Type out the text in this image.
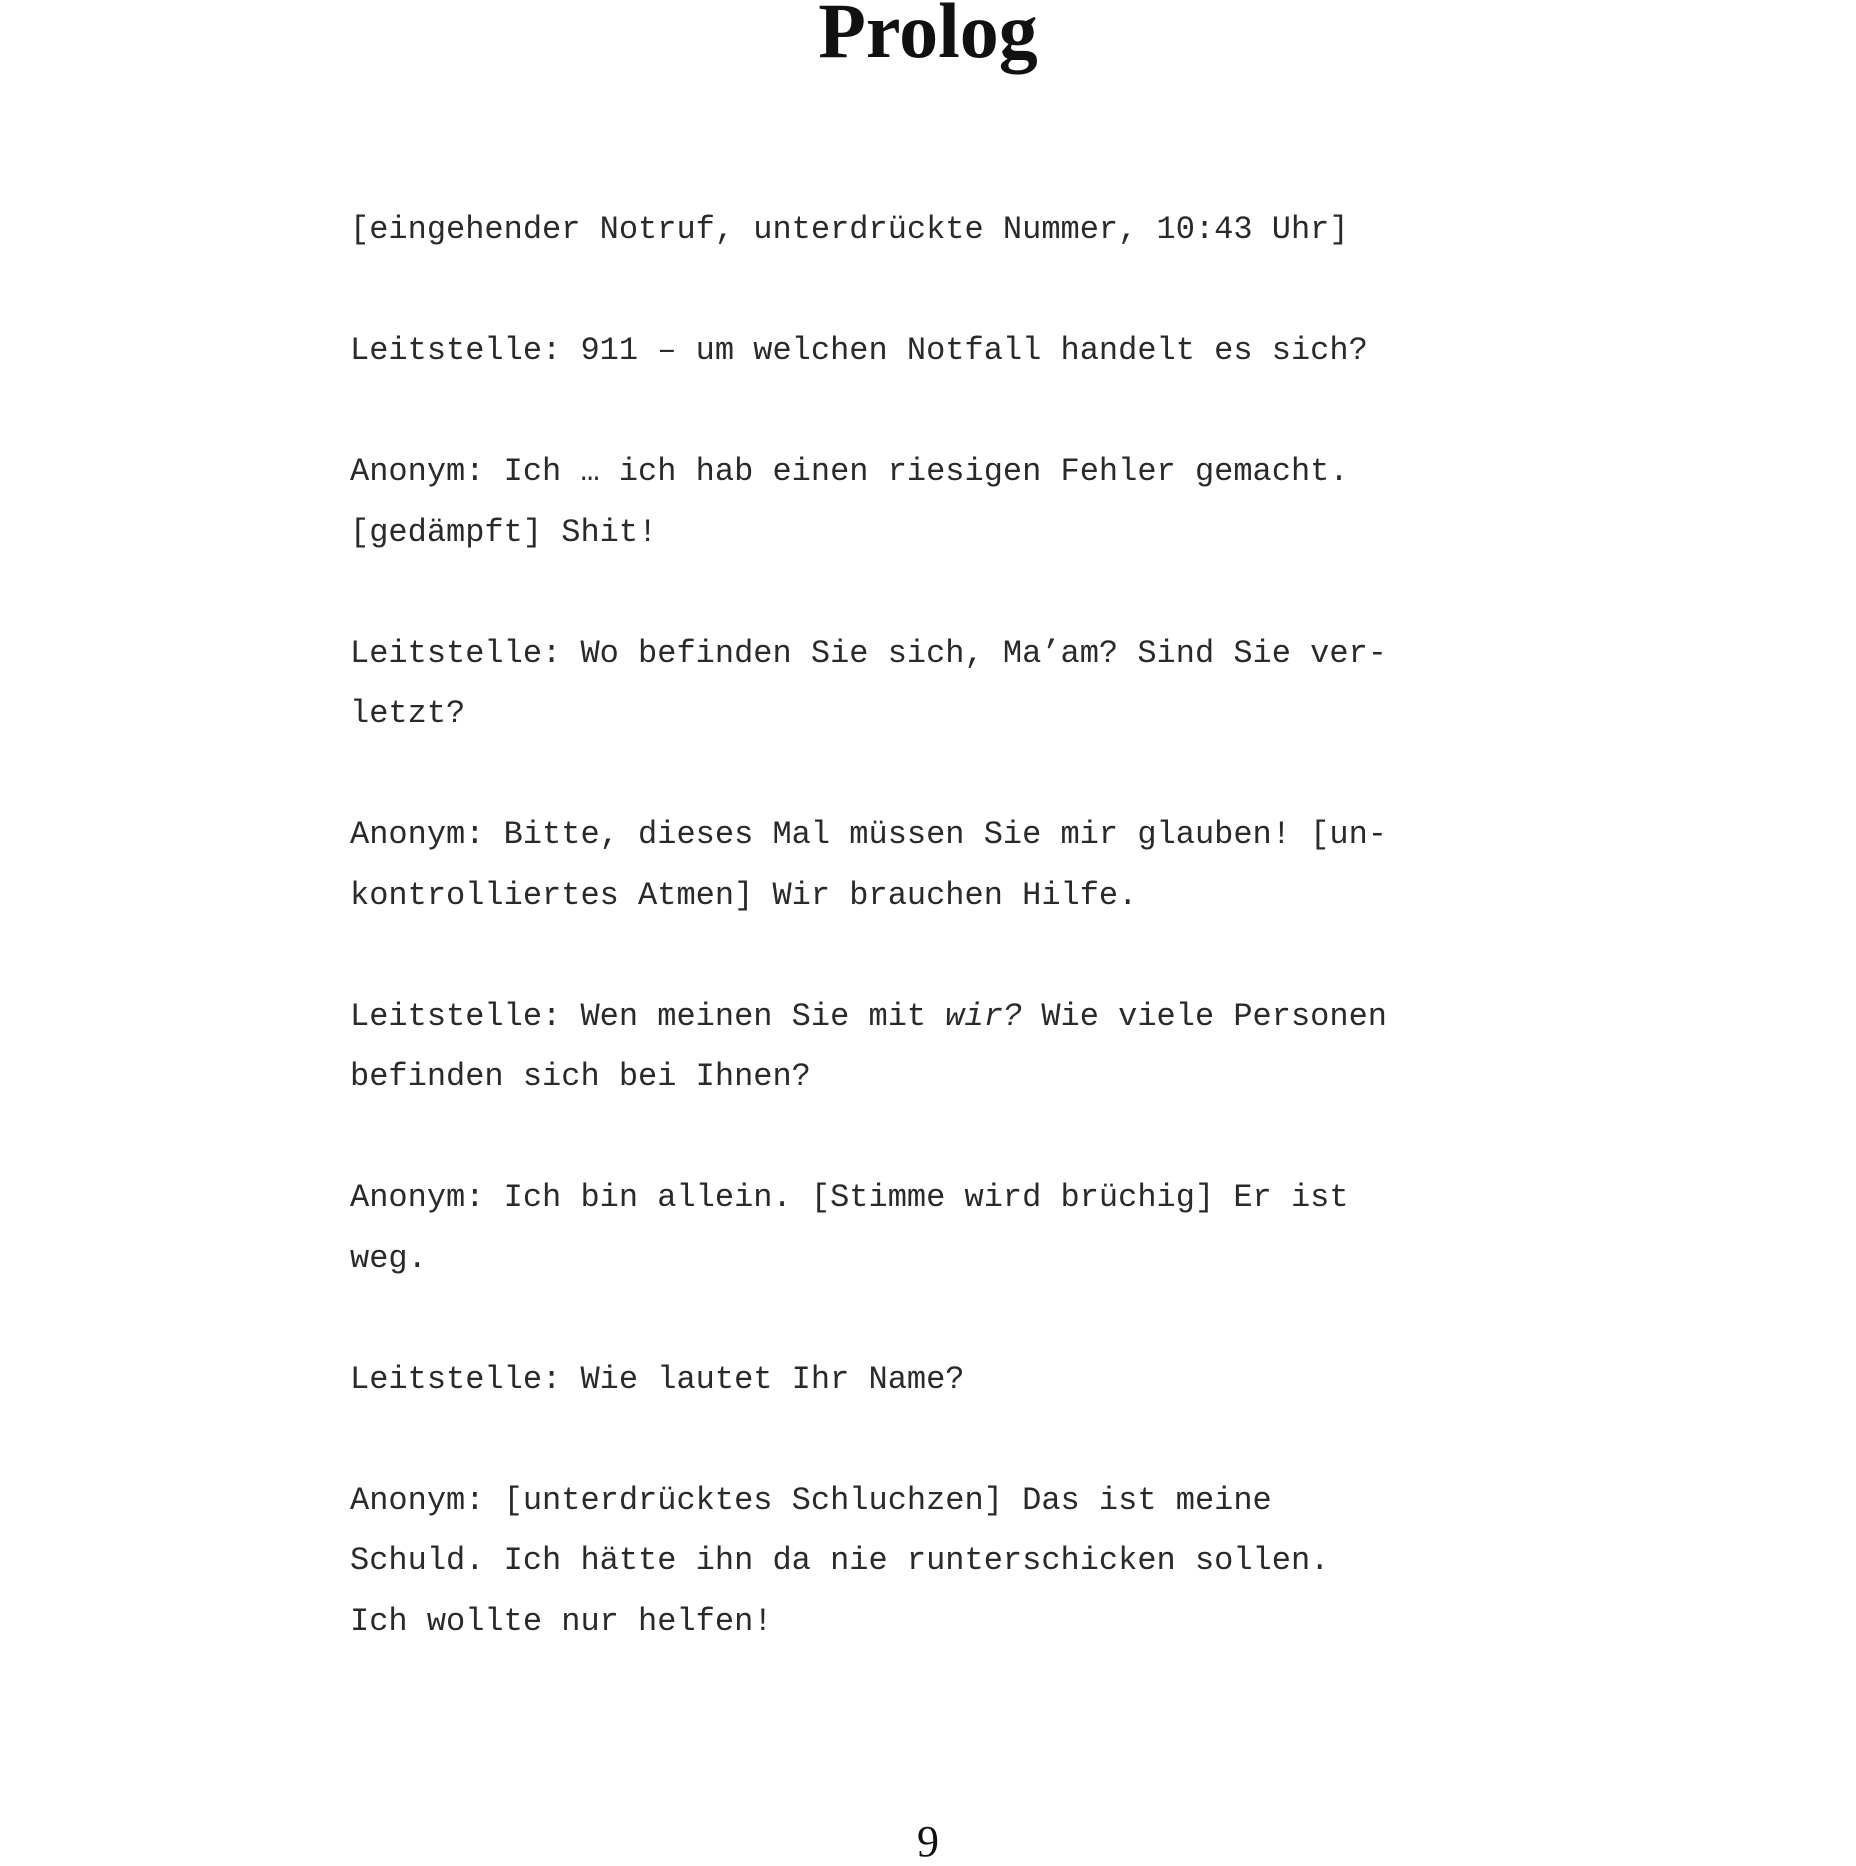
Prolog
[eingehender Notruf, unterdrückte Nummer, 10:43 Uhr]
Leitstelle: 911 – um welchen Notfall handelt es sich?
Anonym: Ich … ich hab einen riesigen Fehler gemacht.
[gedämpft] Shit!
Leitstelle: Wo befinden Sie sich, Ma’am? Sind Sie ver-
letzt?
Anonym: Bitte, dieses Mal müssen Sie mir glauben! [un-
kontrolliertes Atmen] Wir brauchen Hilfe.
Leitstelle: Wen meinen Sie mit wir? Wie viele Personen
befinden sich bei Ihnen?
Anonym: Ich bin allein. [Stimme wird brüchig] Er ist
weg.
Leitstelle: Wie lautet Ihr Name?
Anonym: [unterdrücktes Schluchzen] Das ist meine
Schuld. Ich hätte ihn da nie runterschicken sollen.
Ich wollte nur helfen!
9
